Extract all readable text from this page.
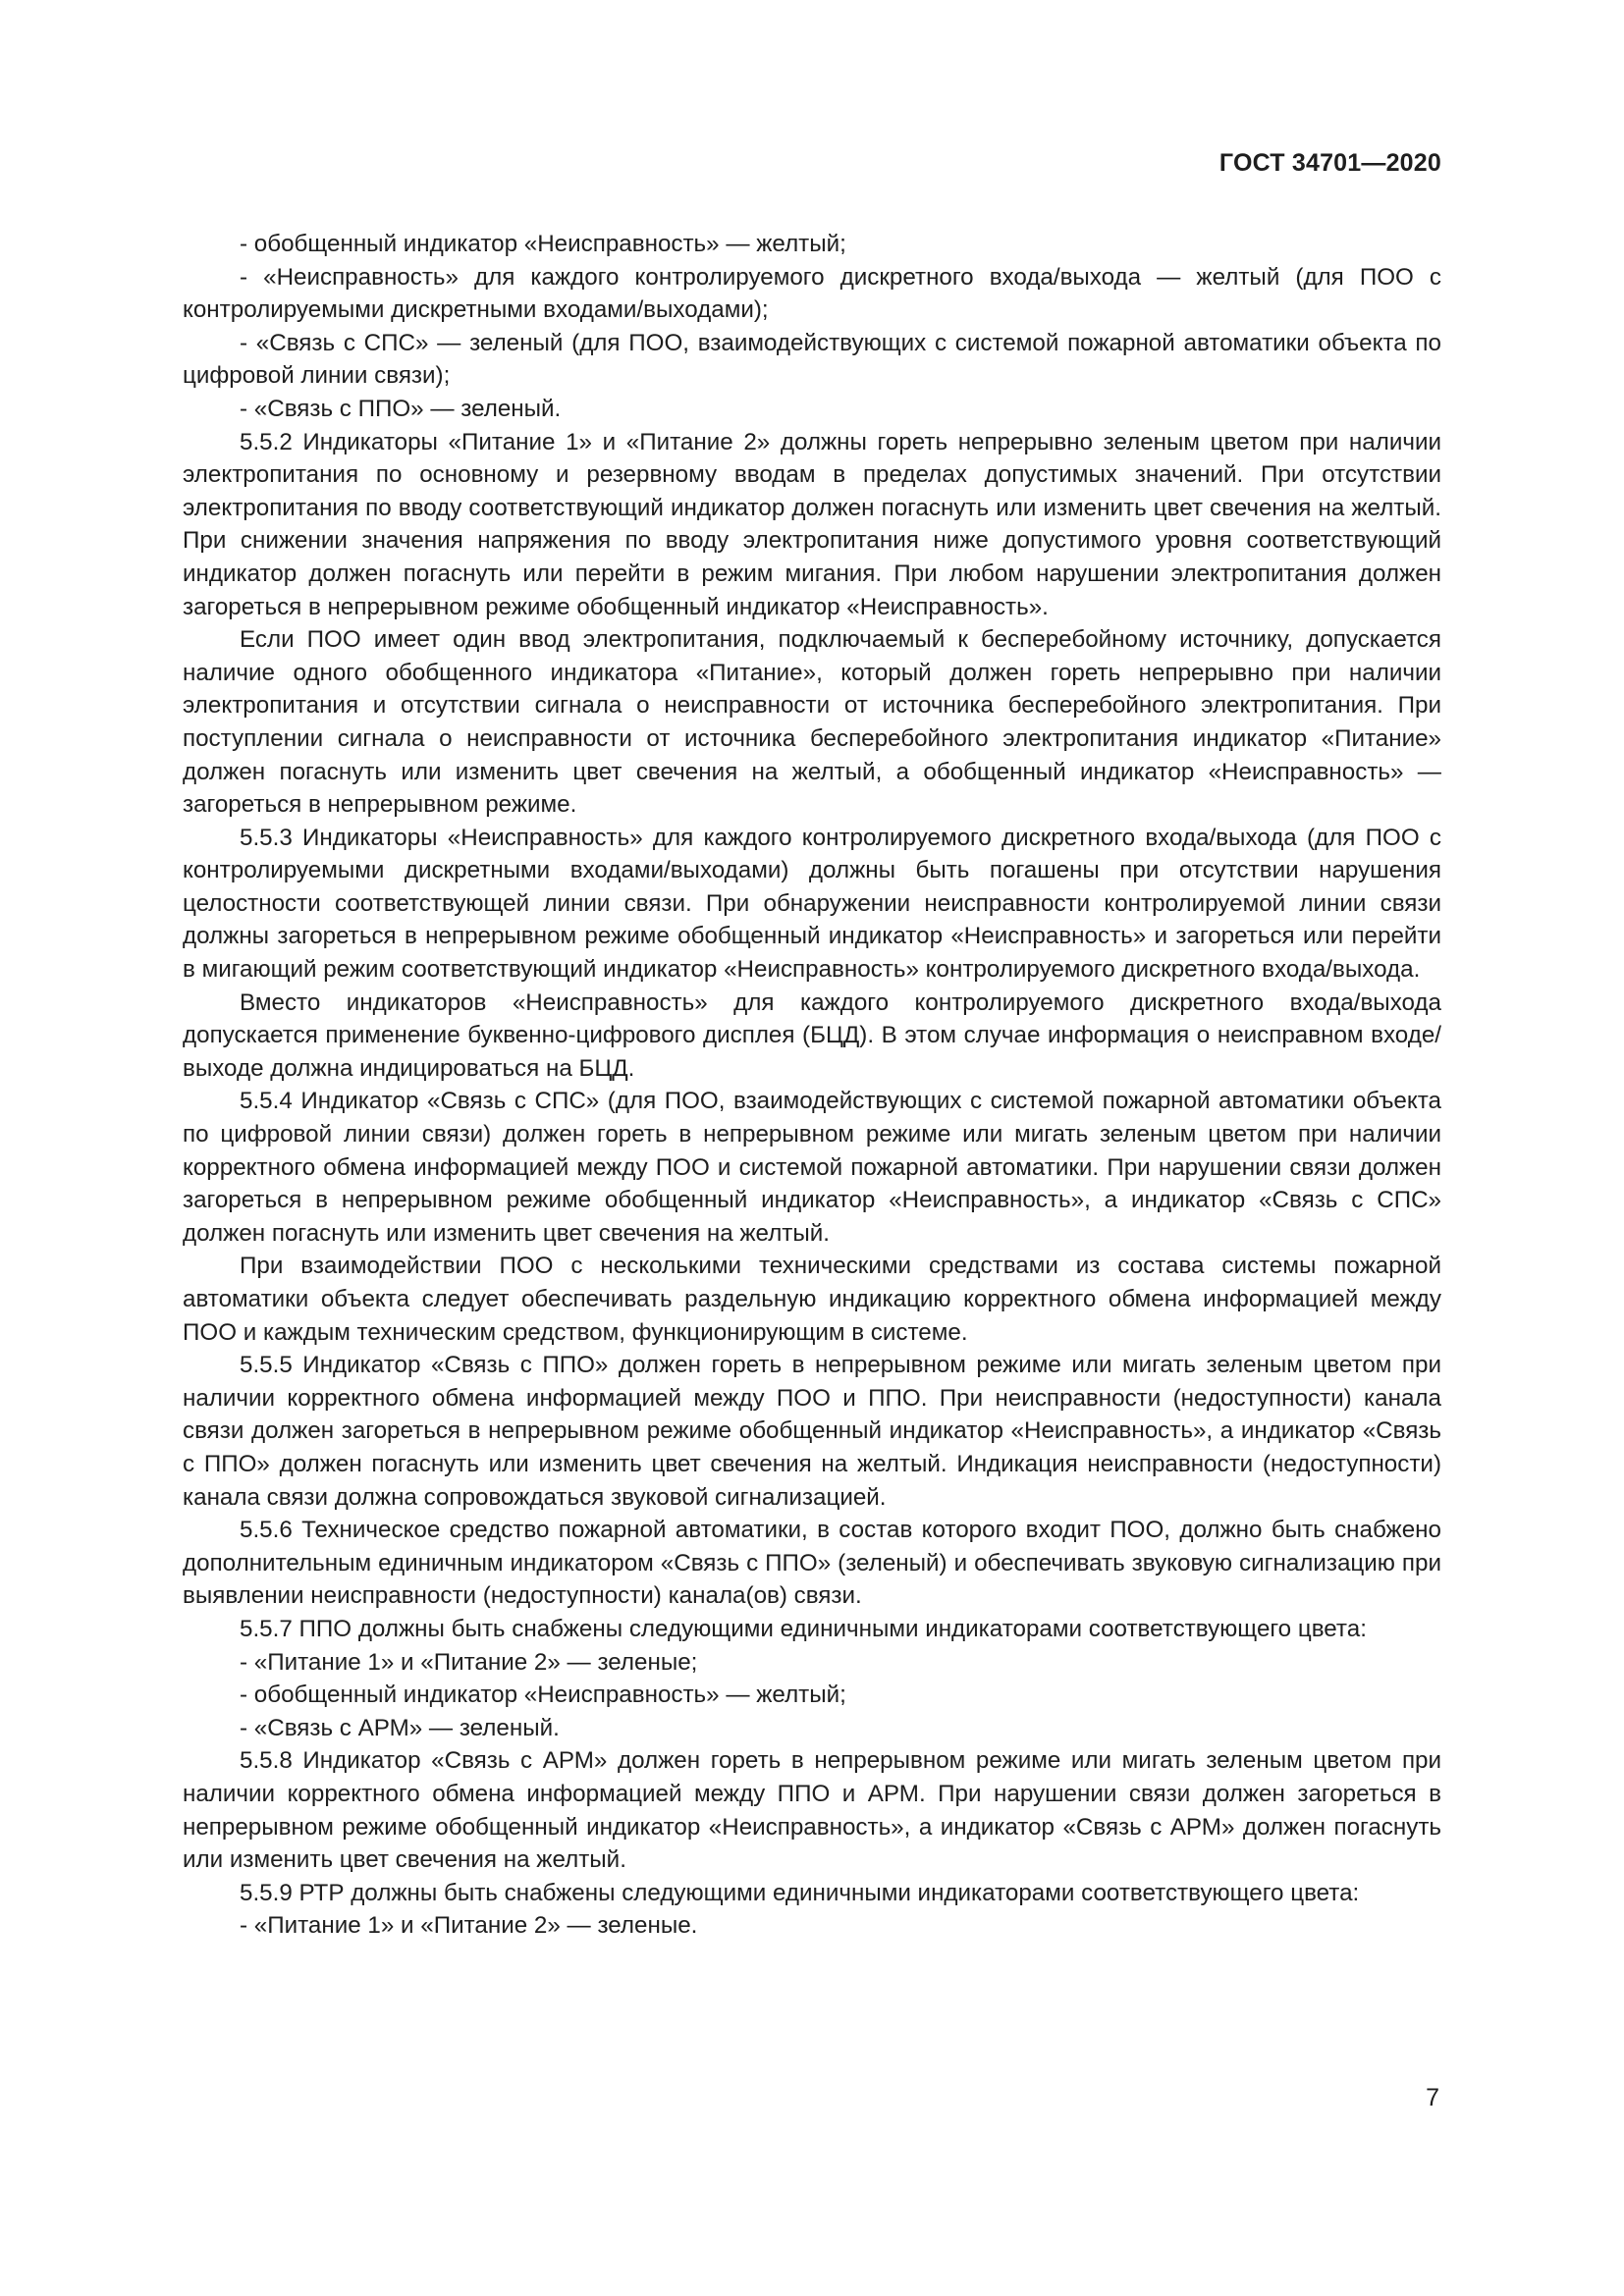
ГОСТ 34701—2020

- обобщенный индикатор «Неисправность» — желтый;

- «Неисправность» для каждого контролируемого дискретного входа/выхода — желтый (для ПОО с контролируемыми дискретными входами/выходами);

- «Связь с СПС» — зеленый (для ПОО, взаимодействующих с системой пожарной автоматики объекта по цифровой линии связи);

- «Связь с ППО» — зеленый.

5.5.2 Индикаторы «Питание 1» и «Питание 2» должны гореть непрерывно зеленым цветом при наличии электропитания по основному и резервному вводам в пределах допустимых значений. При отсутствии электропитания по вводу соответствующий индикатор должен погаснуть или изменить цвет свечения на желтый. При снижении значения напряжения по вводу электропитания ниже допустимого уровня соответствующий индикатор должен погаснуть или перейти в режим мигания. При любом нарушении электропитания должен загореться в непрерывном режиме обобщенный индикатор «Неисправность».

Если ПОО имеет один ввод электропитания, подключаемый к бесперебойному источнику, допускается наличие одного обобщенного индикатора «Питание», который должен гореть непрерывно при наличии электропитания и отсутствии сигнала о неисправности от источника бесперебойного электропитания. При поступлении сигнала о неисправности от источника бесперебойного электропитания индикатор «Питание» должен погаснуть или изменить цвет свечения на желтый, а обобщенный индикатор «Неисправность» — загореться в непрерывном режиме.

5.5.3 Индикаторы «Неисправность» для каждого контролируемого дискретного входа/выхода (для ПОО с контролируемыми дискретными входами/выходами) должны быть погашены при отсутствии нарушения целостности соответствующей линии связи. При обнаружении неисправности контролируемой линии связи должны загореться в непрерывном режиме обобщенный индикатор «Неисправность» и загореться или перейти в мигающий режим соответствующий индикатор «Неисправность» контролируемого дискретного входа/выхода.

Вместо индикаторов «Неисправность» для каждого контролируемого дискретного входа/выхода допускается применение буквенно-цифрового дисплея (БЦД). В этом случае информация о неисправном входе/выходе должна индицироваться на БЦД.

5.5.4 Индикатор «Связь с СПС» (для ПОО, взаимодействующих с системой пожарной автоматики объекта по цифровой линии связи) должен гореть в непрерывном режиме или мигать зеленым цветом при наличии корректного обмена информацией между ПОО и системой пожарной автоматики. При нарушении связи должен загореться в непрерывном режиме обобщенный индикатор «Неисправность», а индикатор «Связь с СПС» должен погаснуть или изменить цвет свечения на желтый.

При взаимодействии ПОО с несколькими техническими средствами из состава системы пожарной автоматики объекта следует обеспечивать раздельную индикацию корректного обмена информацией между ПОО и каждым техническим средством, функционирующим в системе.

5.5.5 Индикатор «Связь с ППО» должен гореть в непрерывном режиме или мигать зеленым цветом при наличии корректного обмена информацией между ПОО и ППО. При неисправности (недоступности) канала связи должен загореться в непрерывном режиме обобщенный индикатор «Неисправность», а индикатор «Связь с ППО» должен погаснуть или изменить цвет свечения на желтый. Индикация неисправности (недоступности) канала связи должна сопровождаться звуковой сигнализацией.

5.5.6 Техническое средство пожарной автоматики, в состав которого входит ПОО, должно быть снабжено дополнительным единичным индикатором «Связь с ППО» (зеленый) и обеспечивать звуковую сигнализацию при выявлении неисправности (недоступности) канала(ов) связи.

5.5.7 ППО должны быть снабжены следующими единичными индикаторами соответствующего цвета:

- «Питание 1» и «Питание 2» — зеленые;

- обобщенный индикатор «Неисправность» — желтый;

- «Связь с АРМ» — зеленый.

5.5.8 Индикатор «Связь с АРМ» должен гореть в непрерывном режиме или мигать зеленым цветом при наличии корректного обмена информацией между ППО и АРМ. При нарушении связи должен загореться в непрерывном режиме обобщенный индикатор «Неисправность», а индикатор «Связь с АРМ» должен погаснуть или изменить цвет свечения на желтый.

5.5.9 РТР должны быть снабжены следующими единичными индикаторами соответствующего цвета:

- «Питание 1» и «Питание 2» — зеленые.

7
